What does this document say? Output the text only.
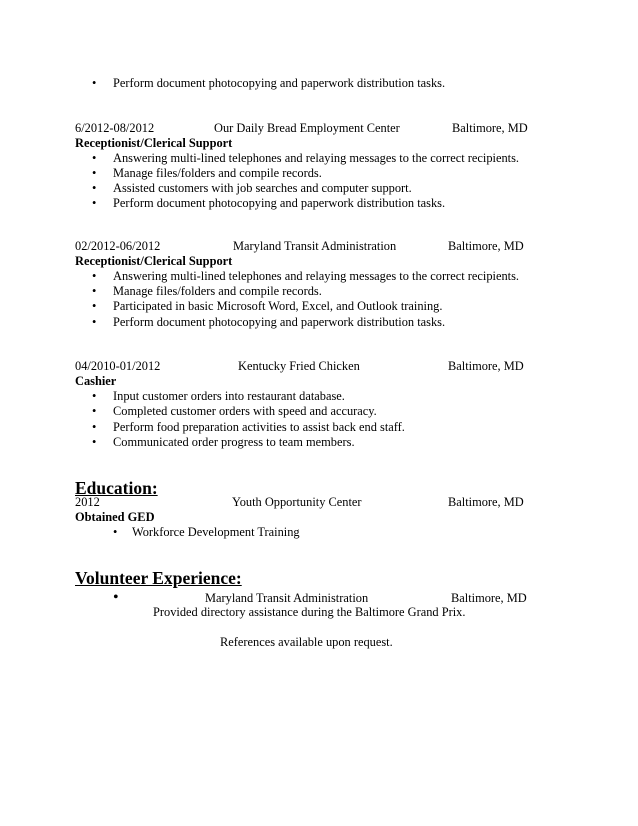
• Perform document photocopying and paperwork distribution tasks.
6/2012-08/2012	Our Daily Bread Employment Center	Baltimore, MD
Receptionist/Clerical Support
• Answering multi-lined telephones and relaying messages to the correct recipients.
• Manage files/folders and compile records.
• Assisted customers with job searches and computer support.
• Perform document photocopying and paperwork distribution tasks.
02/2012-06/2012	Maryland Transit Administration	Baltimore, MD
Receptionist/Clerical Support
• Answering multi-lined telephones and relaying messages to the correct recipients.
• Manage files/folders and compile records.
• Participated in basic Microsoft Word, Excel, and Outlook training.
• Perform document photocopying and paperwork distribution tasks.
04/2010-01/2012	Kentucky Fried Chicken	Baltimore, MD
Cashier
• Input customer orders into restaurant database.
• Completed customer orders with speed and accuracy.
• Perform food preparation activities to assist back end staff.
• Communicated order progress to team members.
Education:
2012	Youth Opportunity Center	Baltimore, MD
Obtained GED
• Workforce Development Training
Volunteer Experience:
•	Maryland Transit Administration	Baltimore, MD
Provided directory assistance during the Baltimore Grand Prix.
References available upon request.
